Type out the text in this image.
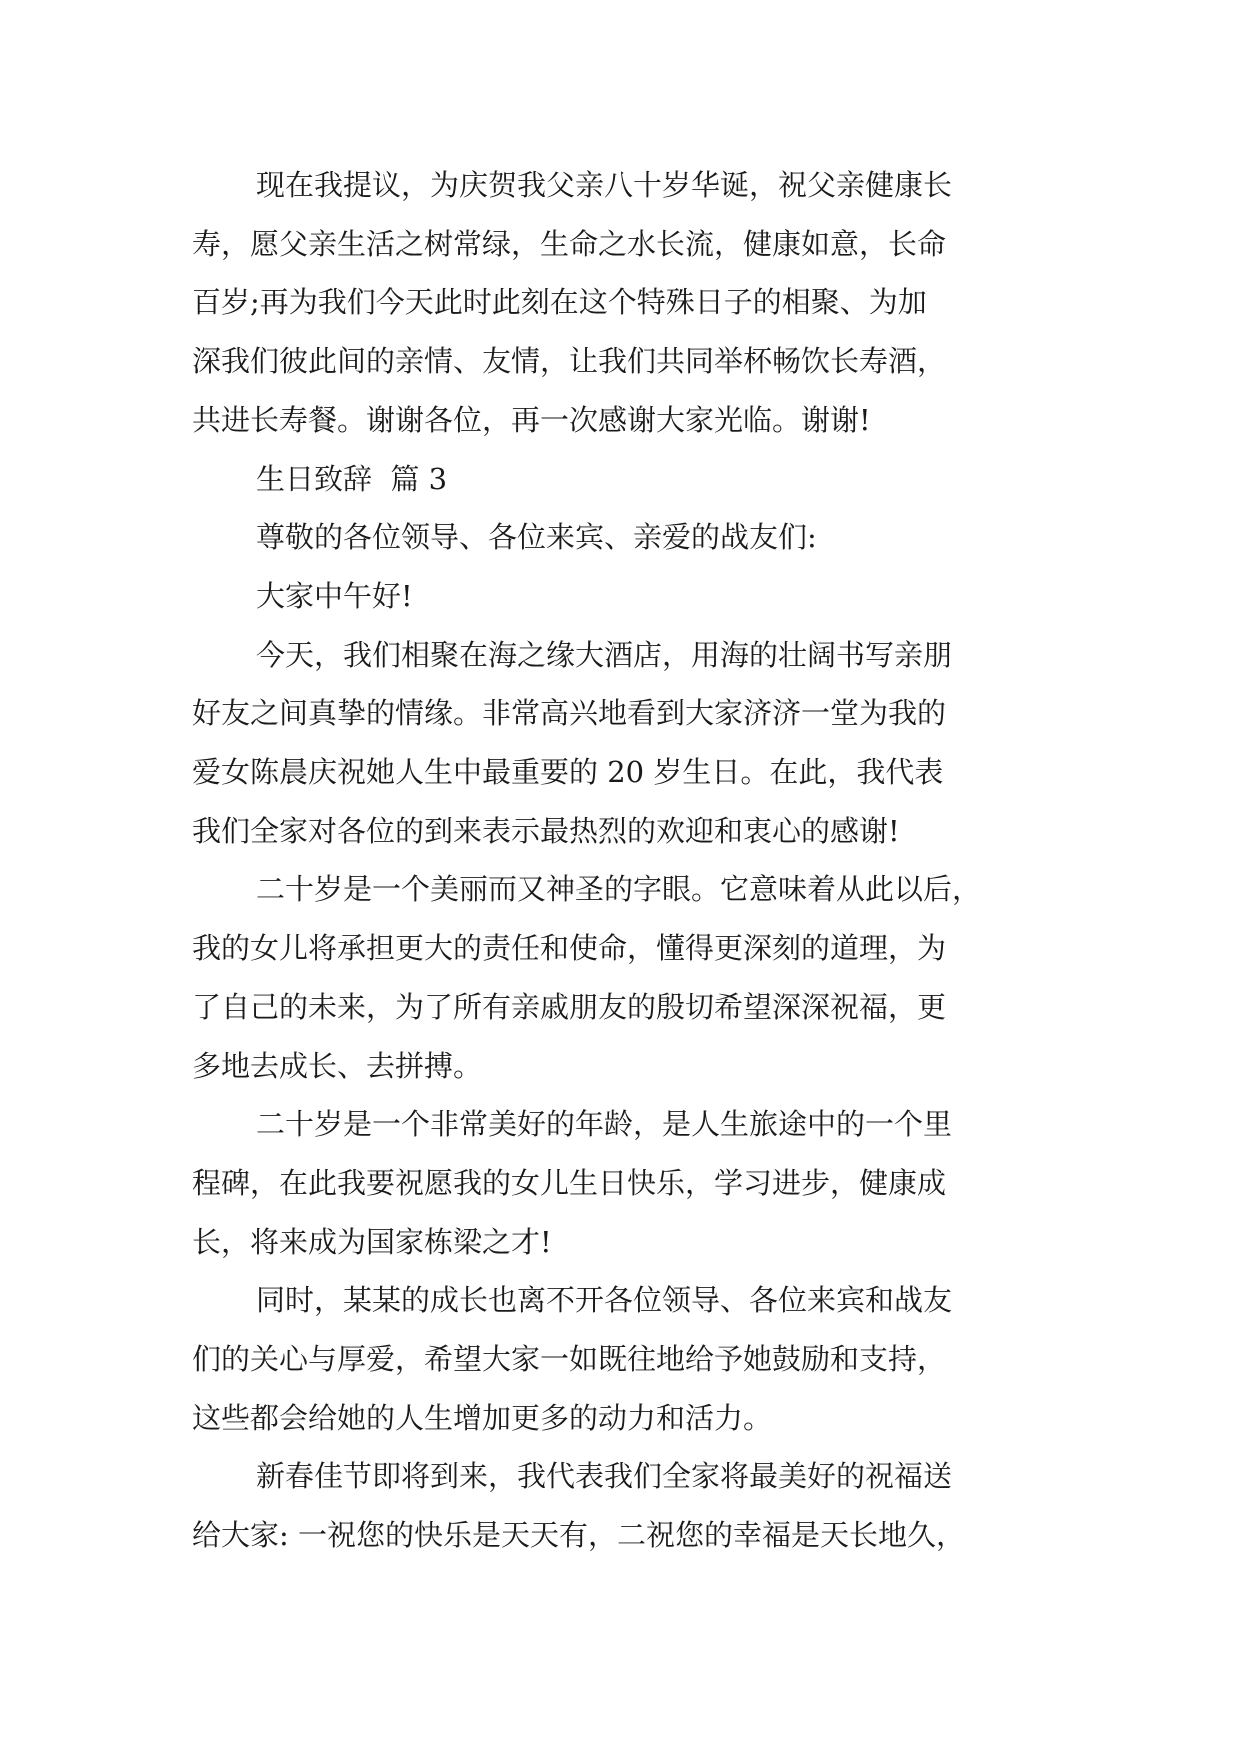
现在我提议，为庆贺我父亲八十岁华诞，祝父亲健康长
寿，愿父亲生活之树常绿，生命之水长流，健康如意，长命
百岁;再为我们今天此时此刻在这个特殊日子的相聚、为加
深我们彼此间的亲情、友情，让我们共同举杯畅饮长寿酒，
共进长寿餐。谢谢各位，再一次感谢大家光临。谢谢!
生日致辞  篇 3
尊敬的各位领导、各位来宾、亲爱的战友们:
大家中午好!
今天，我们相聚在海之缘大酒店，用海的壮阔书写亲朋
好友之间真挚的情缘。非常高兴地看到大家济济一堂为我的
爱女陈晨庆祝她人生中最重要的 20 岁生日。在此，我代表
我们全家对各位的到来表示最热烈的欢迎和衷心的感谢!
二十岁是一个美丽而又神圣的字眼。它意味着从此以后，
我的女儿将承担更大的责任和使命，懂得更深刻的道理，为
了自己的未来，为了所有亲戚朋友的殷切希望深深祝福，更
多地去成长、去拼搏。
二十岁是一个非常美好的年龄，是人生旅途中的一个里
程碑，在此我要祝愿我的女儿生日快乐，学习进步，健康成
长，将来成为国家栋梁之才!
同时，某某的成长也离不开各位领导、各位来宾和战友
们的关心与厚爱，希望大家一如既往地给予她鼓励和支持，
这些都会给她的人生增加更多的动力和活力。
新春佳节即将到来，我代表我们全家将最美好的祝福送
给大家: 一祝您的快乐是天天有，二祝您的幸福是天长地久，
